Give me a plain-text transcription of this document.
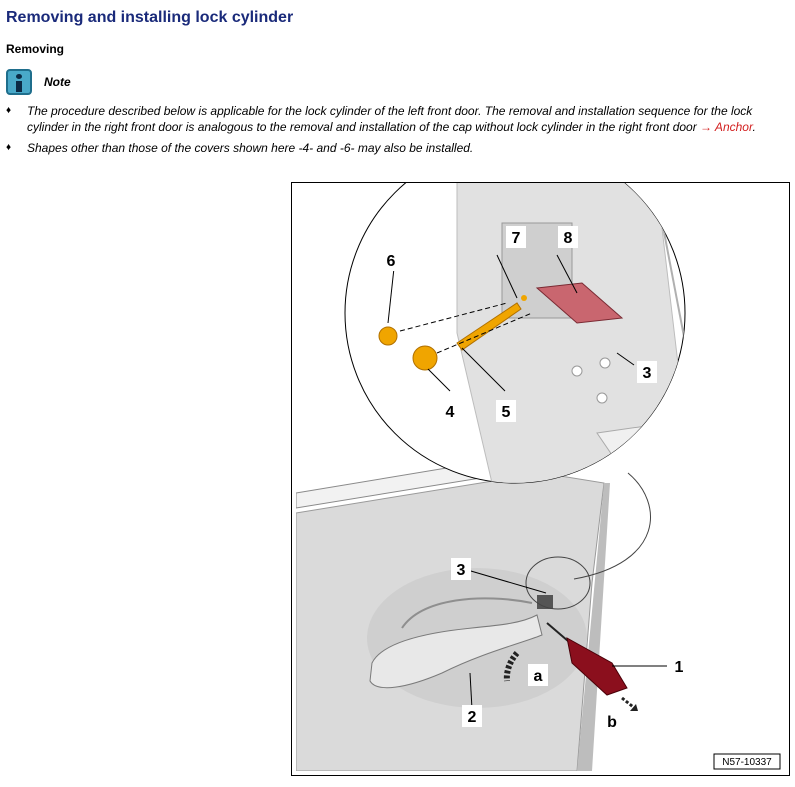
Removing and installing lock cylinder
Removing
Note
♦ The procedure described below is applicable for the lock cylinder of the left front door. The removal and installation sequence for the lock cylinder in the right front door is analogous to the removal and installation of the cap without lock cylinder in the right front door → Anchor.
♦ Shapes other than those of the covers shown here -4- and -6- may also be installed.
7	8
6
3
4	5
3
a
1
2	b
N57-10337
